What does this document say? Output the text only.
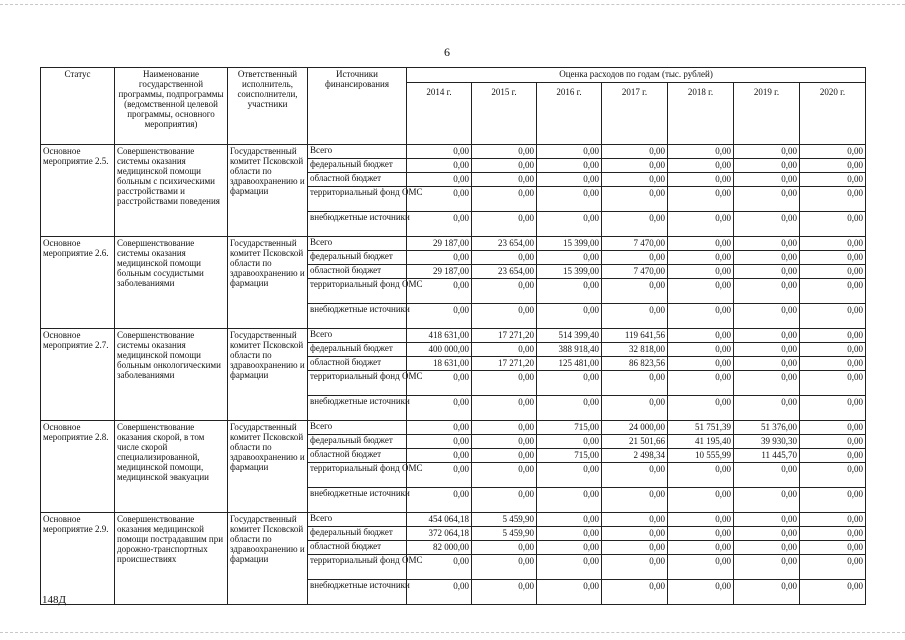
6
Статус	Наименование государственной программы, подпрограммы (ведомственной целевой программы, основного мероприятия)	Ответственный исполнитель, соисполнители, участники	Источники финансирования	Оценка расходов по годам (тыс. рублей)						
				2014 г.	2015 г.	2016 г.	2017 г.	2018 г.	2019 г.	2020 г.
Основное мероприятие 2.5.	Совершенствование системы оказания медицинской помощи больным с психическими расстройствами и расстройствами поведения	Государственный комитет Псковской области по здравоохранению и фармации	Всего	0,00	0,00	0,00	0,00	0,00	0,00	0,00
			федеральный бюджет	0,00	0,00	0,00	0,00	0,00	0,00	0,00
			областной бюджет	0,00	0,00	0,00	0,00	0,00	0,00	0,00
			территориальный фонд ОМС	0,00	0,00	0,00	0,00	0,00	0,00	0,00
			внебюджетные источники	0,00	0,00	0,00	0,00	0,00	0,00	0,00
Основное мероприятие 2.6.	Совершенствование системы оказания медицинской помощи больным сосудистыми заболеваниями	Государственный комитет Псковской области по здравоохранению и фармации	Всего	29 187,00	23 654,00	15 399,00	7 470,00	0,00	0,00	0,00
			федеральный бюджет	0,00	0,00	0,00	0,00	0,00	0,00	0,00
			областной бюджет	29 187,00	23 654,00	15 399,00	7 470,00	0,00	0,00	0,00
			территориальный фонд ОМС	0,00	0,00	0,00	0,00	0,00	0,00	0,00
			внебюджетные источники	0,00	0,00	0,00	0,00	0,00	0,00	0,00
Основное мероприятие 2.7.	Совершенствование системы оказания медицинской помощи больным онкологическими заболеваниями	Государственный комитет Псковской области по здравоохранению и фармации	Всего	418 631,00	17 271,20	514 399,40	119 641,56	0,00	0,00	0,00
			федеральный бюджет	400 000,00	0,00	388 918,40	32 818,00	0,00	0,00	0,00
			областной бюджет	18 631,00	17 271,20	125 481,00	86 823,56	0,00	0,00	0,00
			территориальный фонд ОМС	0,00	0,00	0,00	0,00	0,00	0,00	0,00
			внебюджетные источники	0,00	0,00	0,00	0,00	0,00	0,00	0,00
Основное мероприятие 2.8.	Совершенствование оказания скорой, в том числе скорой специализированной, медицинской помощи, медицинской эвакуации	Государственный комитет Псковской области по здравоохранению и фармации	Всего	0,00	0,00	715,00	24 000,00	51 751,39	51 376,00	0,00
			федеральный бюджет	0,00	0,00	0,00	21 501,66	41 195,40	39 930,30	0,00
			областной бюджет	0,00	0,00	715,00	2 498,34	10 555,99	11 445,70	0,00
			территориальный фонд ОМС	0,00	0,00	0,00	0,00	0,00	0,00	0,00
			внебюджетные источники	0,00	0,00	0,00	0,00	0,00	0,00	0,00
Основное мероприятие 2.9.	Совершенствование оказания медицинской помощи пострадавшим при дорожно-транспортных происшествиях	Государственный комитет Псковской области по здравоохранению и фармации	Всего	454 064,18	5 459,90	0,00	0,00	0,00	0,00	0,00
			федеральный бюджет	372 064,18	5 459,90	0,00	0,00	0,00	0,00	0,00
			областной бюджет	82 000,00	0,00	0,00	0,00	0,00	0,00	0,00
			территориальный фонд ОМС	0,00	0,00	0,00	0,00	0,00	0,00	0,00
			внебюджетные источники	0,00	0,00	0,00	0,00	0,00	0,00	0,00
148Д
